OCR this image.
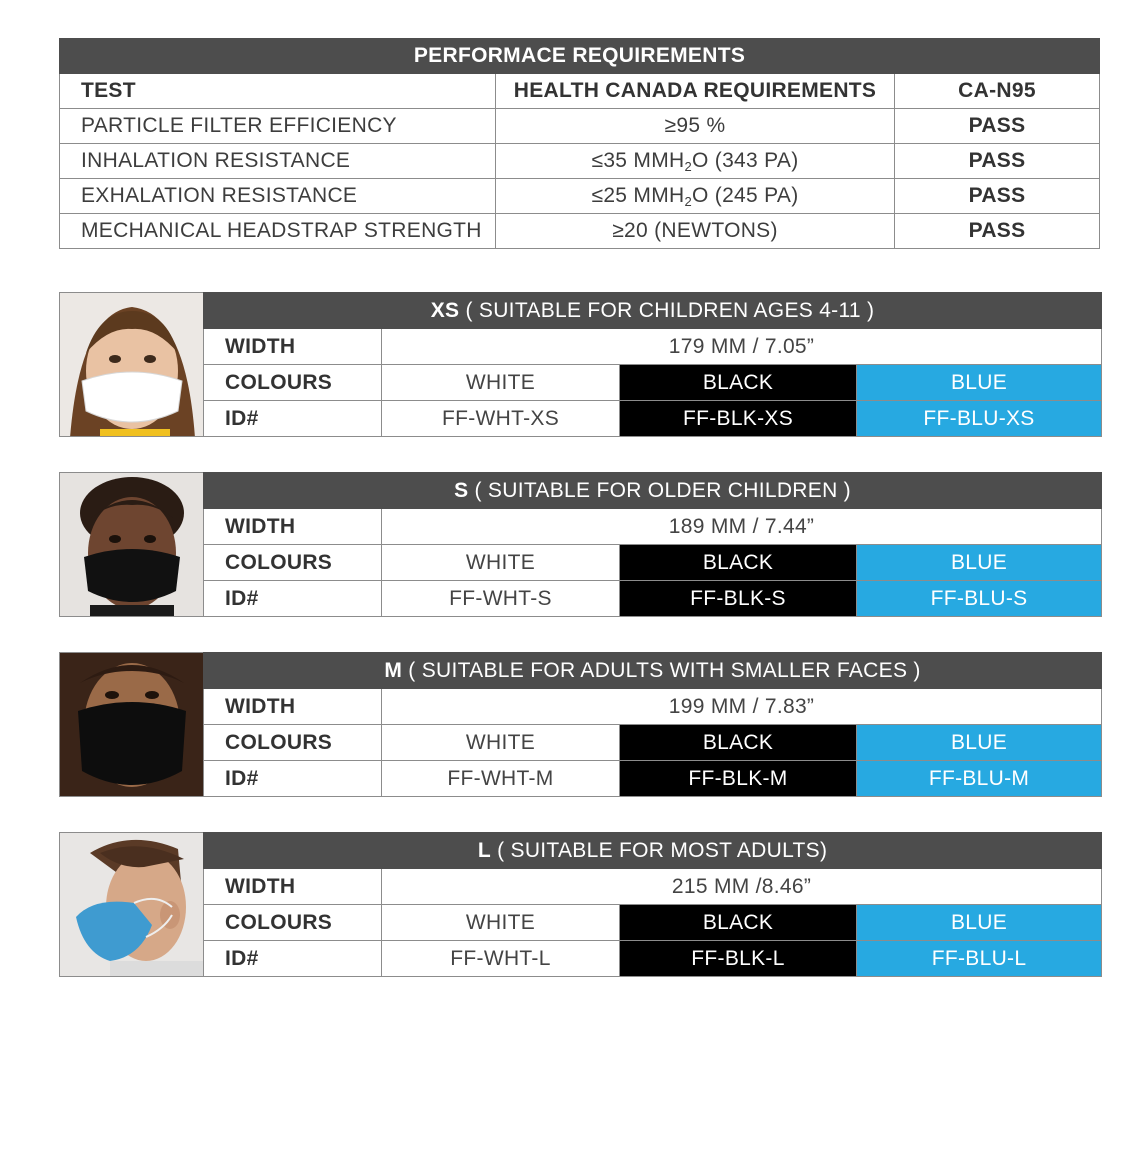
PERFORMACE REQUIREMENTS		
TEST	HEALTH CANADA REQUIREMENTS	CA-N95
PARTICLE FILTER EFFICIENCY	≥95 %	PASS
INHALATION RESISTANCE	≤35 $MMH_2O$ (343 PA)	PASS
EXHALATION RESISTANCE	≤25 $MMH_2O$ (245 PA)	PASS
MECHANICAL HEADSTRAP STRENGTH	≥20 (NEWTONS)	PASS
XS ( SUITABLE FOR CHILDREN AGES 4-11 )			
WIDTH	179 MM / 7.05”		
COLOURS	WHITE	BLACK	BLUE
ID#	FF-WHT-XS	FF-BLK-XS	FF-BLU-XS
S ( SUITABLE FOR OLDER CHILDREN )			
WIDTH	189 MM / 7.44”		
COLOURS	WHITE	BLACK	BLUE
ID#	FF-WHT-S	FF-BLK-S	FF-BLU-S
M ( SUITABLE FOR ADULTS WITH SMALLER FACES )			
WIDTH	199 MM / 7.83”		
COLOURS	WHITE	BLACK	BLUE
ID#	FF-WHT-M	FF-BLK-M	FF-BLU-M
L ( SUITABLE FOR MOST ADULTS)			
WIDTH	215 MM /8.46”		
COLOURS	WHITE	BLACK	BLUE
ID#	FF-WHT-L	FF-BLK-L	FF-BLU-L
